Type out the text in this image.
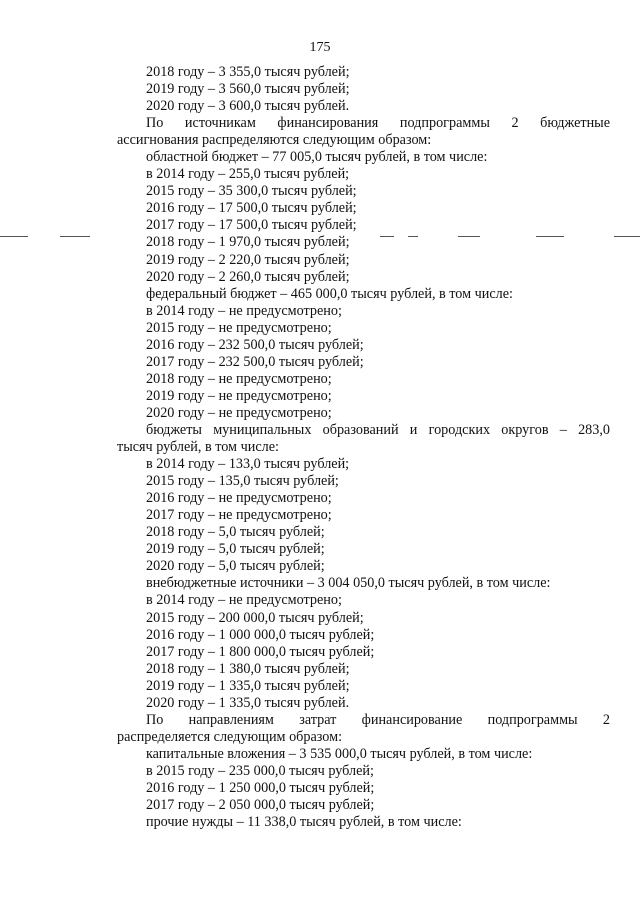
175
2018 году – 3 355,0 тысяч рублей;
2019 году – 3 560,0 тысяч рублей;
2020 году – 3 600,0 тысяч рублей.
По источникам финансирования подпрограммы 2 бюджетные
ассигнования распределяются следующим образом:
областной бюджет – 77 005,0 тысяч рублей, в том числе:
в 2014 году – 255,0 тысяч рублей;
2015 году – 35 300,0 тысяч рублей;
2016 году – 17 500,0 тысяч рублей;
2017 году – 17 500,0 тысяч рублей;
2018 году – 1 970,0 тысяч рублей;
2019 году – 2 220,0 тысяч рублей;
2020 году – 2 260,0 тысяч рублей;
федеральный бюджет – 465 000,0 тысяч рублей, в том числе:
в 2014 году – не предусмотрено;
2015 году – не предусмотрено;
2016 году – 232 500,0 тысяч рублей;
2017 году – 232 500,0 тысяч рублей;
2018 году – не предусмотрено;
2019 году – не предусмотрено;
2020 году – не предусмотрено;
бюджеты муниципальных образований и городских округов – 283,0
тысяч рублей, в том числе:
в 2014 году – 133,0 тысяч рублей;
2015 году – 135,0 тысяч рублей;
2016 году – не предусмотрено;
2017 году – не предусмотрено;
2018 году – 5,0 тысяч рублей;
2019 году – 5,0 тысяч рублей;
2020 году – 5,0 тысяч рублей;
внебюджетные источники – 3 004 050,0 тысяч рублей, в том числе:
в 2014 году – не предусмотрено;
2015 году – 200 000,0 тысяч рублей;
2016 году – 1 000 000,0 тысяч рублей;
2017 году – 1 800 000,0 тысяч рублей;
2018 году – 1 380,0 тысяч рублей;
2019 году – 1 335,0 тысяч рублей;
2020 году – 1 335,0 тысяч рублей.
По направлениям затрат финансирование подпрограммы 2
распределяется следующим образом:
капитальные вложения – 3 535 000,0 тысяч рублей, в том числе:
в 2015 году – 235 000,0 тысяч рублей;
2016 году – 1 250 000,0 тысяч рублей;
2017 году – 2 050 000,0 тысяч рублей;
прочие нужды – 11 338,0 тысяч рублей, в том числе:
